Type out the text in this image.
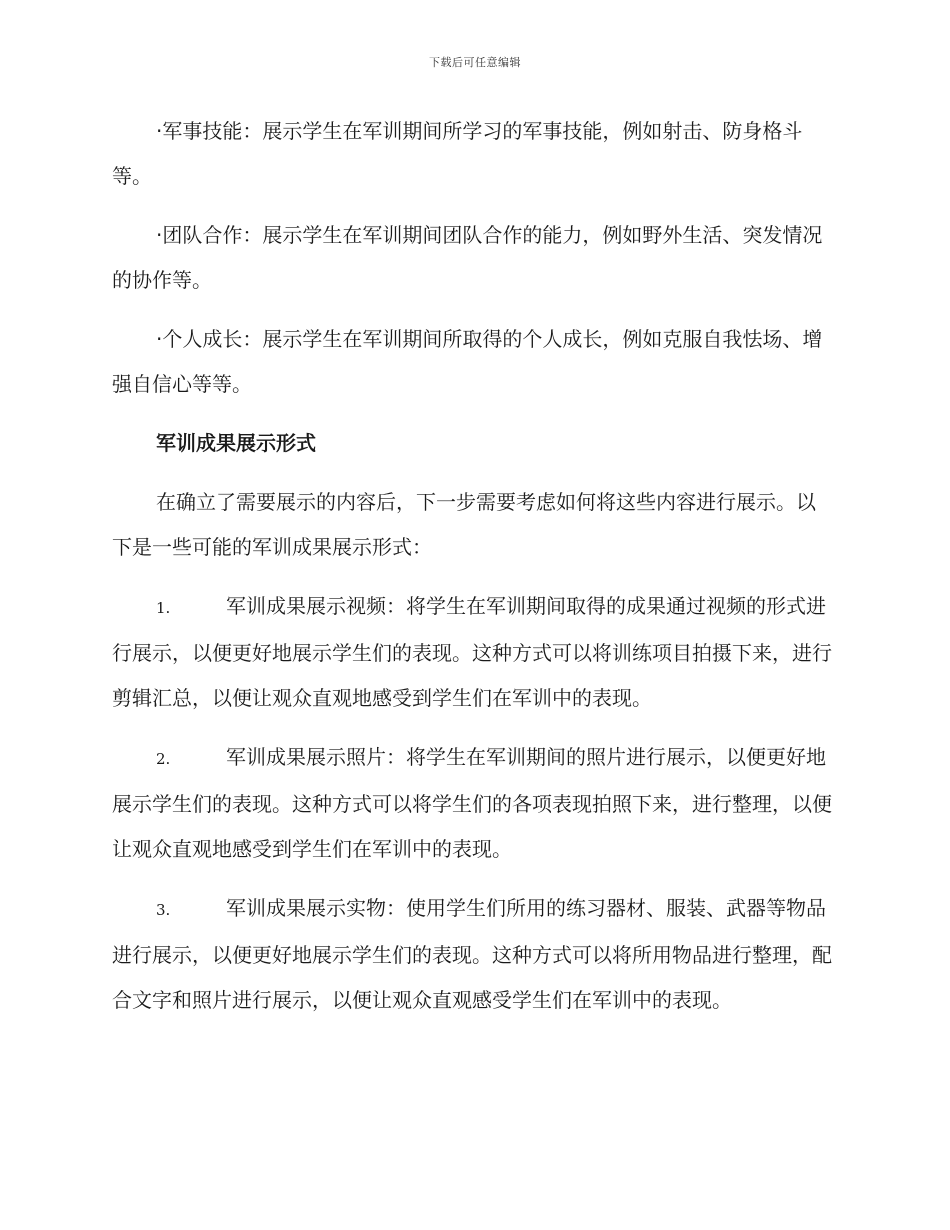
下载后可任意编辑

·军事技能：展示学生在军训期间所学习的军事技能，例如射击、防身格斗等。

·团队合作：展示学生在军训期间团队合作的能力，例如野外生活、突发情况的协作等。

·个人成长：展示学生在军训期间所取得的个人成长，例如克服自我怯场、增强自信心等等。

军训成果展示形式

在确立了需要展示的内容后，下一步需要考虑如何将这些内容进行展示。以下是一些可能的军训成果展示形式：

1.	军训成果展示视频：将学生在军训期间取得的成果通过视频的形式进行展示，以便更好地展示学生们的表现。这种方式可以将训练项目拍摄下来，进行剪辑汇总，以便让观众直观地感受到学生们在军训中的表现。

2.	军训成果展示照片：将学生在军训期间的照片进行展示，以便更好地展示学生们的表现。这种方式可以将学生们的各项表现拍照下来，进行整理，以便让观众直观地感受到学生们在军训中的表现。

3.	军训成果展示实物：使用学生们所用的练习器材、服装、武器等物品进行展示，以便更好地展示学生们的表现。这种方式可以将所用物品进行整理，配合文字和照片进行展示，以便让观众直观感受学生们在军训中的表现。
